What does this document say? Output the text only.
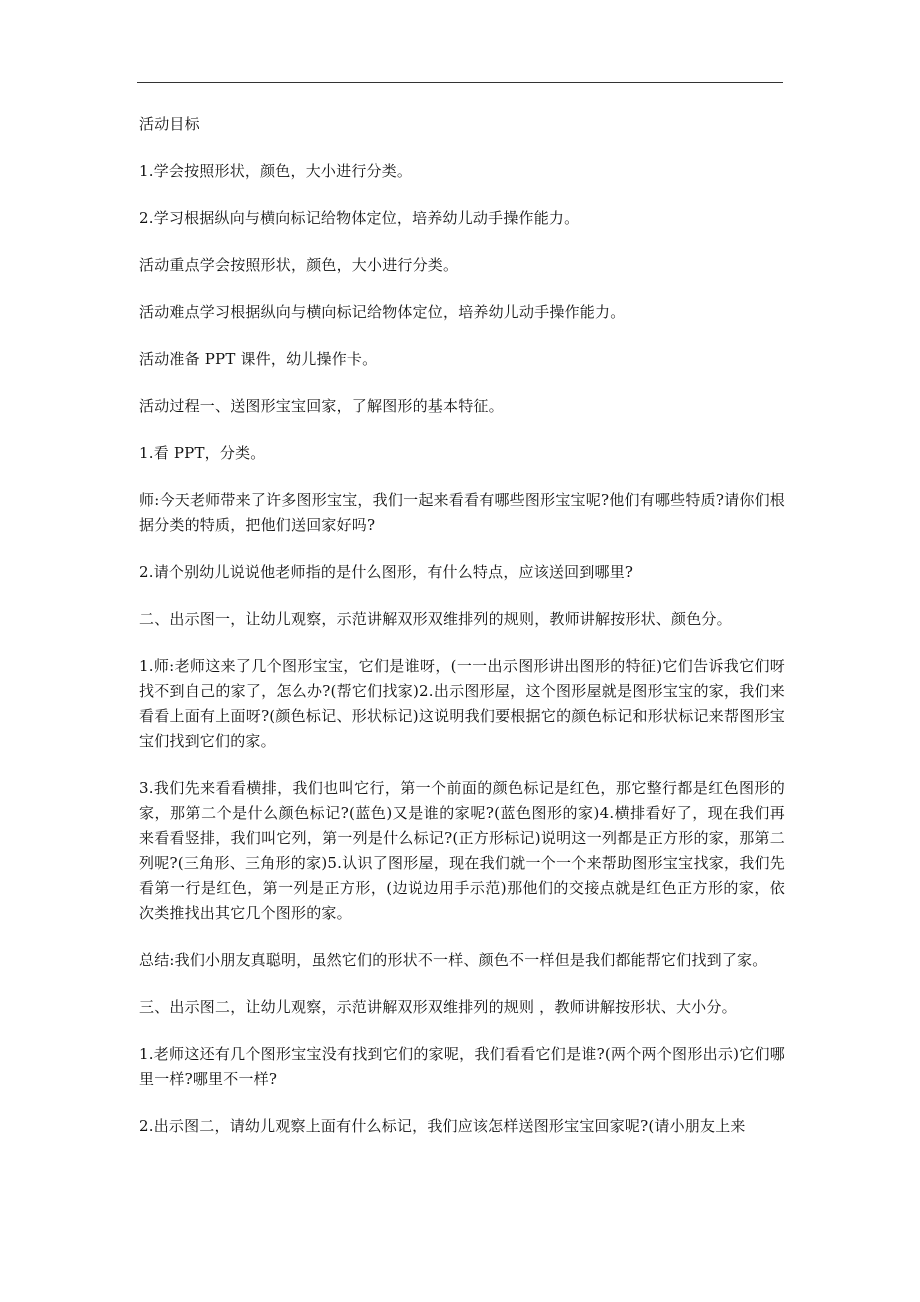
活动目标

1.学会按照形状，颜色，大小进行分类。

2.学习根据纵向与横向标记给物体定位，培养幼儿动手操作能力。

活动重点学会按照形状，颜色，大小进行分类。

活动难点学习根据纵向与横向标记给物体定位，培养幼儿动手操作能力。

活动准备 PPT 课件，幼儿操作卡。

活动过程一、送图形宝宝回家，了解图形的基本特征。

1.看 PPT，分类。

师:今天老师带来了许多图形宝宝，我们一起来看看有哪些图形宝宝呢?他们有哪些特质?请你们根据分类的特质，把他们送回家好吗?

2.请个别幼儿说说他老师指的是什么图形，有什么特点，应该送回到哪里?

二、出示图一，让幼儿观察，示范讲解双形双维排列的规则，教师讲解按形状、颜色分。

1.师:老师这来了几个图形宝宝，它们是谁呀，(一一出示图形讲出图形的特征)它们告诉我它们呀找不到自己的家了，怎么办?(帮它们找家)2.出示图形屋，这个图形屋就是图形宝宝的家，我们来看看上面有上面呀?(颜色标记、形状标记)这说明我们要根据它的颜色标记和形状标记来帮图形宝宝们找到它们的家。

3.我们先来看看横排，我们也叫它行，第一个前面的颜色标记是红色，那它整行都是红色图形的家，那第二个是什么颜色标记?(蓝色)又是谁的家呢?(蓝色图形的家)4.横排看好了，现在我们再来看看竖排，我们叫它列，第一列是什么标记?(正方形标记)说明这一列都是正方形的家，那第二列呢?(三角形、三角形的家)5.认识了图形屋，现在我们就一个一个来帮助图形宝宝找家，我们先看第一行是红色，第一列是正方形，(边说边用手示范)那他们的交接点就是红色正方形的家，依次类推找出其它几个图形的家。

总结:我们小朋友真聪明，虽然它们的形状不一样、颜色不一样但是我们都能帮它们找到了家。

三、出示图二，让幼儿观察，示范讲解双形双维排列的规则 ，教师讲解按形状、大小分。

1.老师这还有几个图形宝宝没有找到它们的家呢，我们看看它们是谁?(两个两个图形出示)它们哪里一样?哪里不一样?

2.出示图二，请幼儿观察上面有什么标记，我们应该怎样送图形宝宝回家呢?(请小朋友上来
